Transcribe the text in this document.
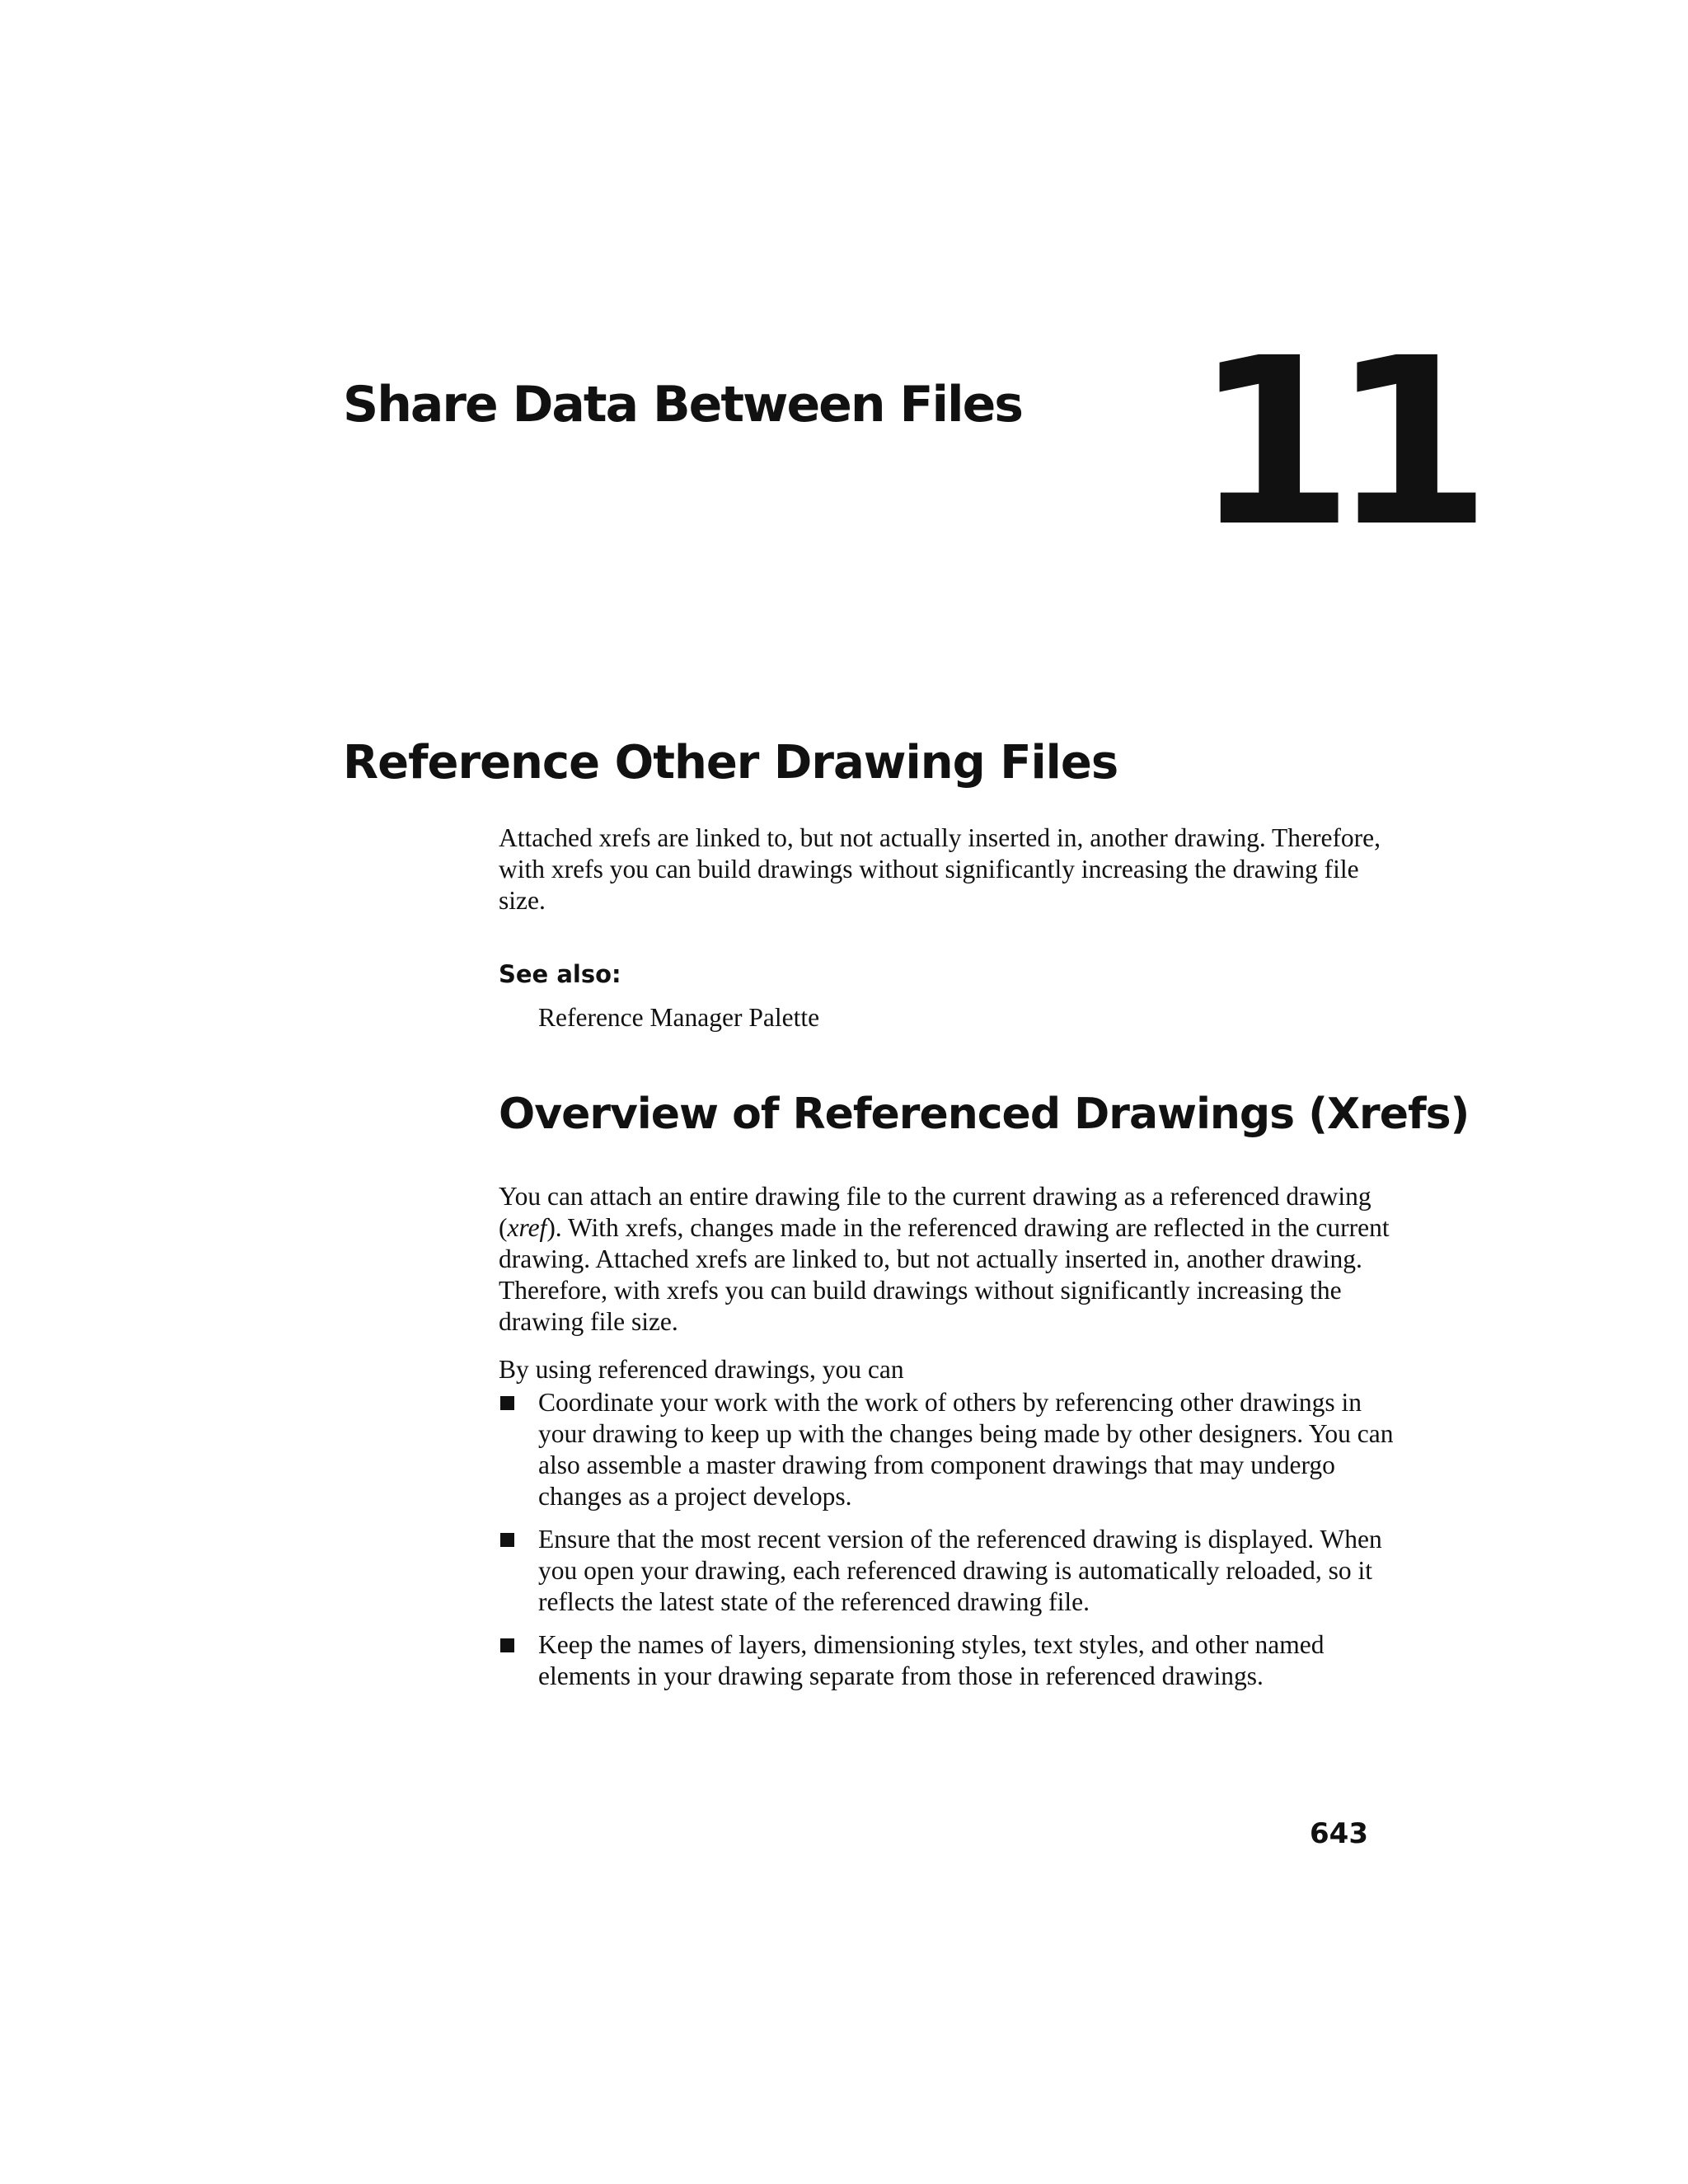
Share Data Between Files 11
Reference Other Drawing Files

Attached xrefs are linked to, but not actually inserted in, another drawing. Therefore, with xrefs you can build drawings without significantly increasing the drawing file size.

See also:
Reference Manager Palette
Overview of Referenced Drawings (Xrefs)

You can attach an entire drawing file to the current drawing as a referenced drawing (xref). With xrefs, changes made in the referenced drawing are reflected in the current drawing. Attached xrefs are linked to, but not actually inserted in, another drawing. Therefore, with xrefs you can build drawings without significantly increasing the drawing file size.

By using referenced drawings, you can

Coordinate your work with the work of others by referencing other drawings in your drawing to keep up with the changes being made by other designers. You can also assemble a master drawing from component drawings that may undergo changes as a project develops.
Ensure that the most recent version of the referenced drawing is displayed. When you open your drawing, each referenced drawing is automatically reloaded, so it reflects the latest state of the referenced drawing file.
Keep the names of layers, dimensioning styles, text styles, and other named elements in your drawing separate from those in referenced drawings.
643
